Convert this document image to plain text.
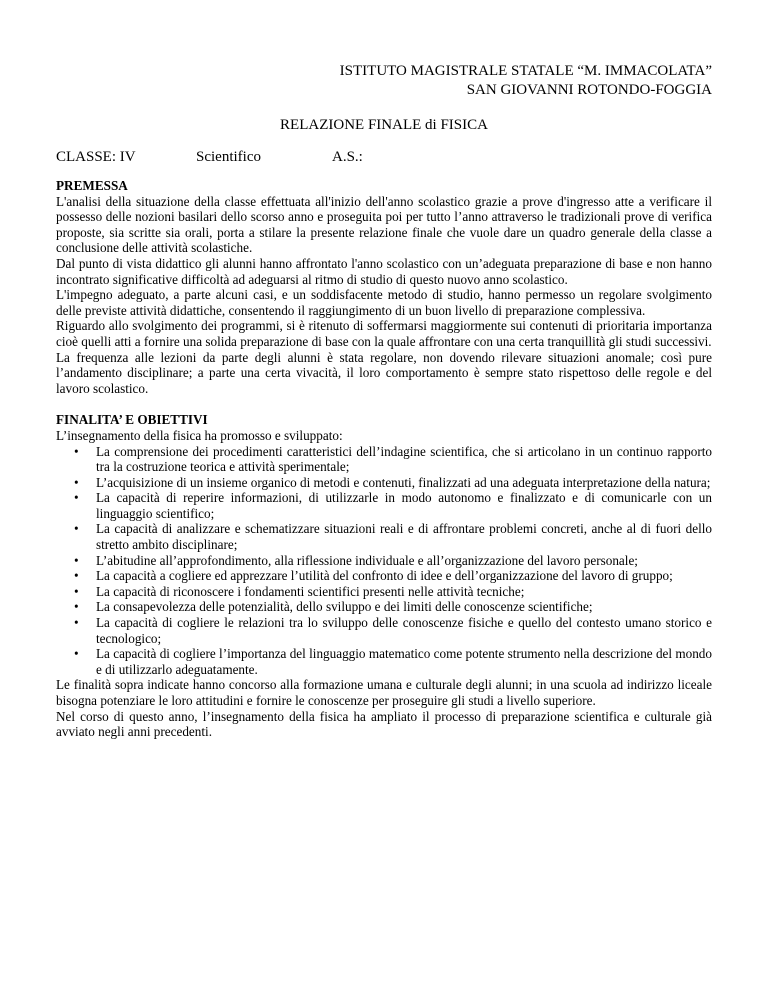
ISTITUTO MAGISTRALE STATALE “M. IMMACOLATA”
SAN GIOVANNI ROTONDO-FOGGIA
RELAZIONE FINALE di FISICA
CLASSE: IV	Scientifico	A.S.:
PREMESSA

L'analisi della situazione della classe effettuata all'inizio dell'anno scolastico grazie a prove d'ingresso atte a verificare il possesso delle nozioni basilari dello scorso anno e proseguita poi per tutto l’anno attraverso le tradizionali prove di verifica proposte, sia scritte sia orali, porta a stilare la presente relazione finale che vuole dare un quadro generale della classe a conclusione delle attività scolastiche.

Dal punto di vista didattico gli alunni hanno affrontato l'anno scolastico con un’adeguata preparazione di base e non hanno incontrato significative difficoltà ad adeguarsi al ritmo di studio di questo nuovo anno scolastico.

L'impegno adeguato, a parte alcuni casi, e un soddisfacente metodo di studio, hanno permesso un regolare svolgimento delle previste attività didattiche, consentendo il raggiungimento di un buon livello di preparazione complessiva.

Riguardo allo svolgimento dei programmi, si è ritenuto di soffermarsi maggiormente sui contenuti di prioritaria importanza cioè quelli atti a fornire una solida preparazione di base con la quale affrontare con una certa tranquillità gli studi successivi.

La frequenza alle lezioni da parte degli alunni è stata regolare, non dovendo rilevare situazioni anomale; così pure l’andamento disciplinare; a parte una certa vivacità, il loro comportamento è sempre stato rispettoso delle regole e del lavoro scolastico.

FINALITA’ E OBIETTIVI

L’insegnamento della fisica ha promosso e sviluppato:

• La comprensione dei procedimenti caratteristici dell’indagine scientifica, che si articolano in un continuo rapporto tra la costruzione teorica e attività sperimentale;
• L’acquisizione di un insieme organico di metodi e contenuti, finalizzati ad una adeguata interpretazione della natura;
• La capacità di reperire informazioni, di utilizzarle in modo autonomo e finalizzato e di comunicarle con un linguaggio scientifico;
• La capacità di analizzare e schematizzare situazioni reali e di affrontare problemi concreti, anche al di fuori dello stretto ambito disciplinare;
• L’abitudine all’approfondimento, alla riflessione individuale e all’organizzazione del lavoro personale;
• La capacità a cogliere ed apprezzare l’utilità del confronto di idee e dell’organizzazione del lavoro di gruppo;
• La capacità di riconoscere i fondamenti scientifici presenti nelle attività tecniche;
• La consapevolezza delle potenzialità, dello sviluppo e dei limiti delle conoscenze scientifiche;
• La capacità di cogliere le relazioni tra lo sviluppo delle conoscenze fisiche e quello del contesto umano storico e tecnologico;
• La capacità di cogliere l’importanza del linguaggio matematico come potente strumento nella descrizione del mondo e di utilizzarlo adeguatamente.

Le finalità sopra indicate hanno concorso alla formazione umana e culturale degli alunni; in una scuola ad indirizzo liceale bisogna potenziare le loro attitudini e fornire le conoscenze per proseguire gli studi a livello superiore.

Nel corso di questo anno, l’insegnamento della fisica ha ampliato il processo di preparazione scientifica e culturale già avviato negli anni precedenti.
